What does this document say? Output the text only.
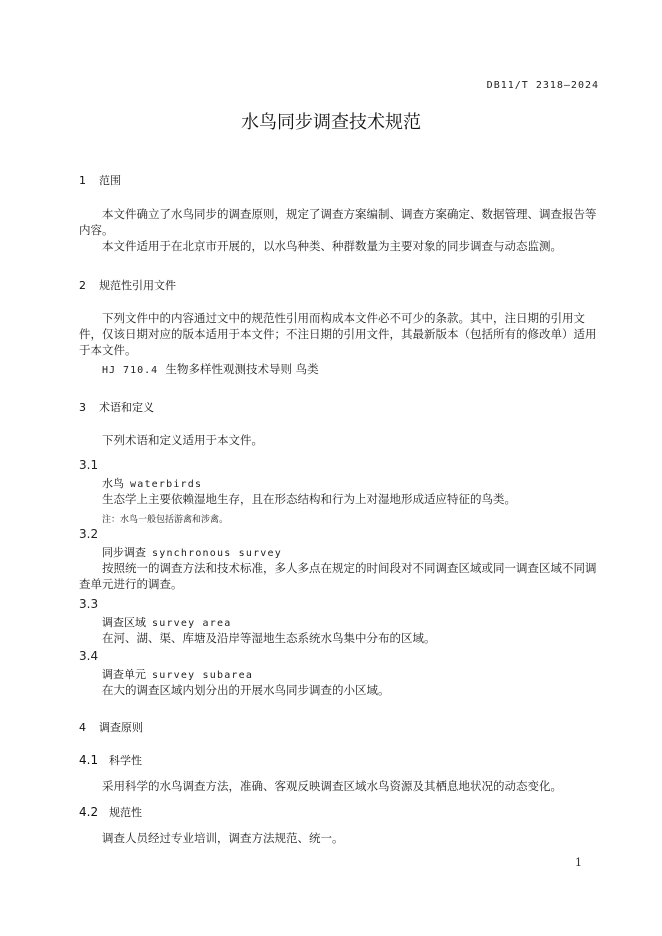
DB11/T 2318—2024
水鸟同步调查技术规范
1 范围
本文件确立了水鸟同步的调查原则，规定了调查方案编制、调查方案确定、数据管理、调查报告等内容。
本文件适用于在北京市开展的，以水鸟种类、种群数量为主要对象的同步调查与动态监测。
2 规范性引用文件
下列文件中的内容通过文中的规范性引用而构成本文件必不可少的条款。其中，注日期的引用文件，仅该日期对应的版本适用于本文件；不注日期的引用文件，其最新版本（包括所有的修改单）适用于本文件。
HJ 710.4 生物多样性观测技术导则 鸟类
3 术语和定义
下列术语和定义适用于本文件。
3.1
水鸟 waterbirds
生态学上主要依赖湿地生存，且在形态结构和行为上对湿地形成适应特征的鸟类。
注：水鸟一般包括游禽和涉禽。
3.2
同步调查 synchronous survey
按照统一的调查方法和技术标准，多人多点在规定的时间段对不同调查区域或同一调查区域不同调查单元进行的调查。
3.3
调查区域 survey area
在河、湖、渠、库塘及沿岸等湿地生态系统水鸟集中分布的区域。
3.4
调查单元 survey subarea
在大的调查区域内划分出的开展水鸟同步调查的小区域。
4 调查原则
4.1 科学性
采用科学的水鸟调查方法，准确、客观反映调查区域水鸟资源及其栖息地状况的动态变化。
4.2 规范性
调查人员经过专业培训，调查方法规范、统一。
1
